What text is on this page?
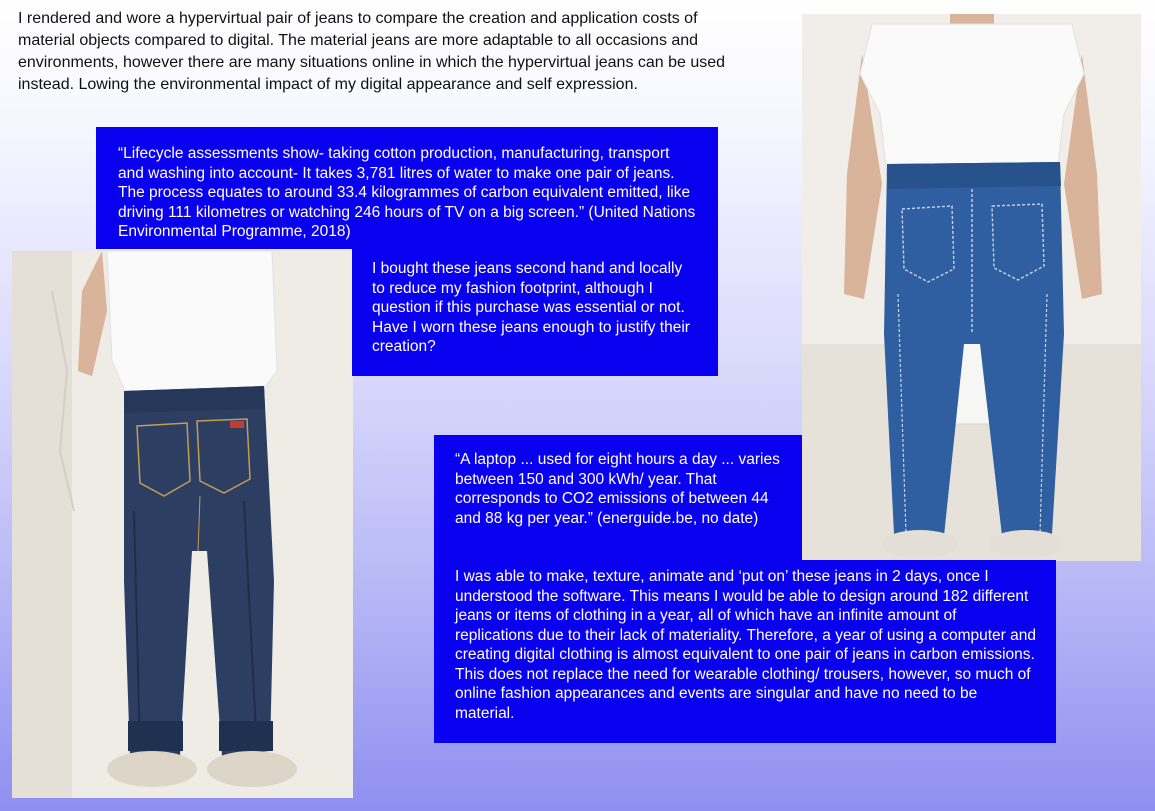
I rendered and wore a hypervirtual pair of jeans to compare the creation and application costs of material objects compared to digital. The material jeans are more adaptable to all occasions and environments, however there are many situations online in which the hypervirtual jeans can be used instead. Lowing the environmental impact of my digital appearance and self expression.
“Lifecycle assessments show- taking cotton production, manufacturing, transport and washing into account- It takes 3,781 litres of water to make one pair of jeans. The process equates to around 33.4 kilogrammes of carbon equivalent emitted, like driving 111 kilometres or watching 246 hours of TV on a big screen.” (United Nations Environmental Programme, 2018)
I bought these jeans second hand and locally to reduce my fashion footprint, although I question if this purchase was essential or not. Have I worn these jeans enough to justify their creation?
“A laptop ... used for eight hours a day ... varies between 150 and 300 kWh/ year. That corresponds to CO2 emissions of between 44 and 88 kg per year.” (energuide.be, no date)
I was able to make, texture, animate and ‘put on’ these jeans in 2 days, once I understood the software. This means I would be able to design around 182 different jeans or items of clothing in a year, all of which have an infinite amount of replications due to their lack of materiality. Therefore, a year of using a computer and creating digital clothing is almost equivalent to one pair of jeans in carbon emissions. This does not replace the need for wearable clothing/ trousers, however, so much of online fashion appearances and events are singular and have no need to be material.
